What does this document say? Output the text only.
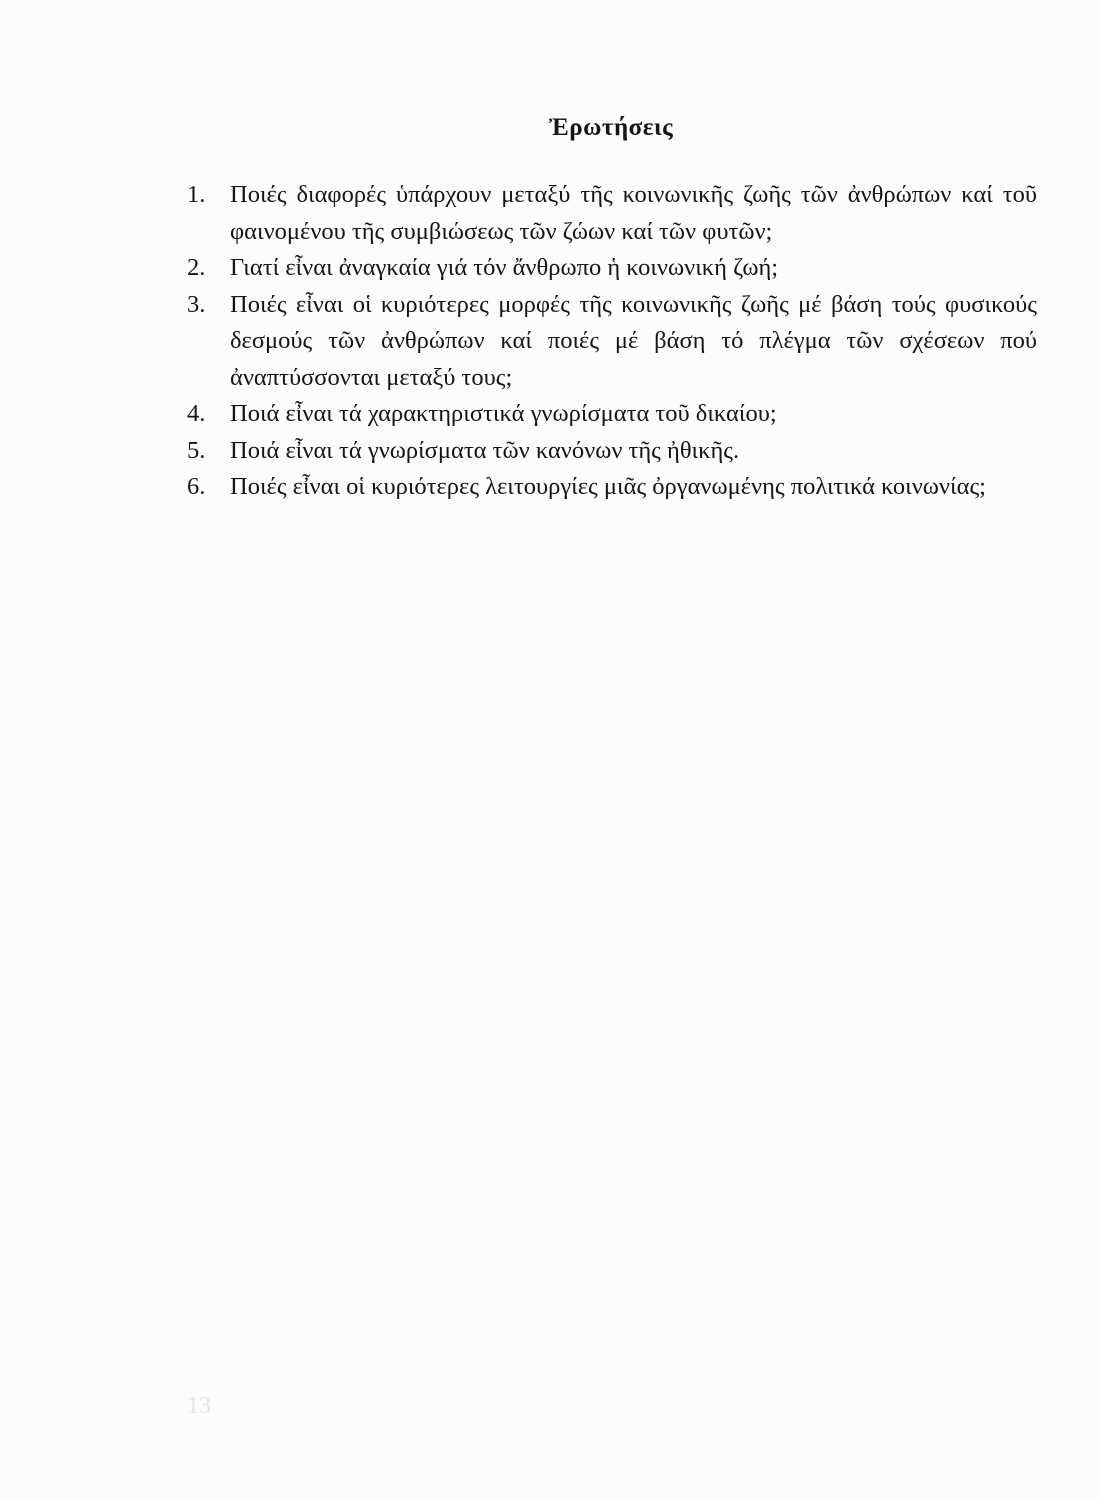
Ἐρωτήσεις
1.	Ποιές διαφορές ὑπάρχουν μεταξύ τῆς κοινωνικῆς ζωῆς τῶν ἀνθρώπων καί τοῦ φαινομένου τῆς συμβιώσεως τῶν ζώων καί τῶν φυτῶν;
2.	Γιατί εἶναι ἀναγκαία γιά τόν ἄνθρωπο ἡ κοινωνική ζωή;
3.	Ποιές εἶναι οἱ κυριότερες μορφές τῆς κοινωνικῆς ζωῆς μέ βάση τούς φυσικούς δεσμούς τῶν ἀνθρώπων καί ποιές μέ βάση τό πλέγμα τῶν σχέσεων πού ἀναπτύσσονται μεταξύ τους;
4.	Ποιά εἶναι τά χαρακτηριστικά γνωρίσματα τοῦ δικαίου;
5.	Ποιά εἶναι τά γνωρίσματα τῶν κανόνων τῆς ἠθικῆς.
6.	Ποιές εἶναι οἱ κυριότερες λειτουργίες μιᾶς ὀργανωμένης πολιτικά κοινωνίας;
13
